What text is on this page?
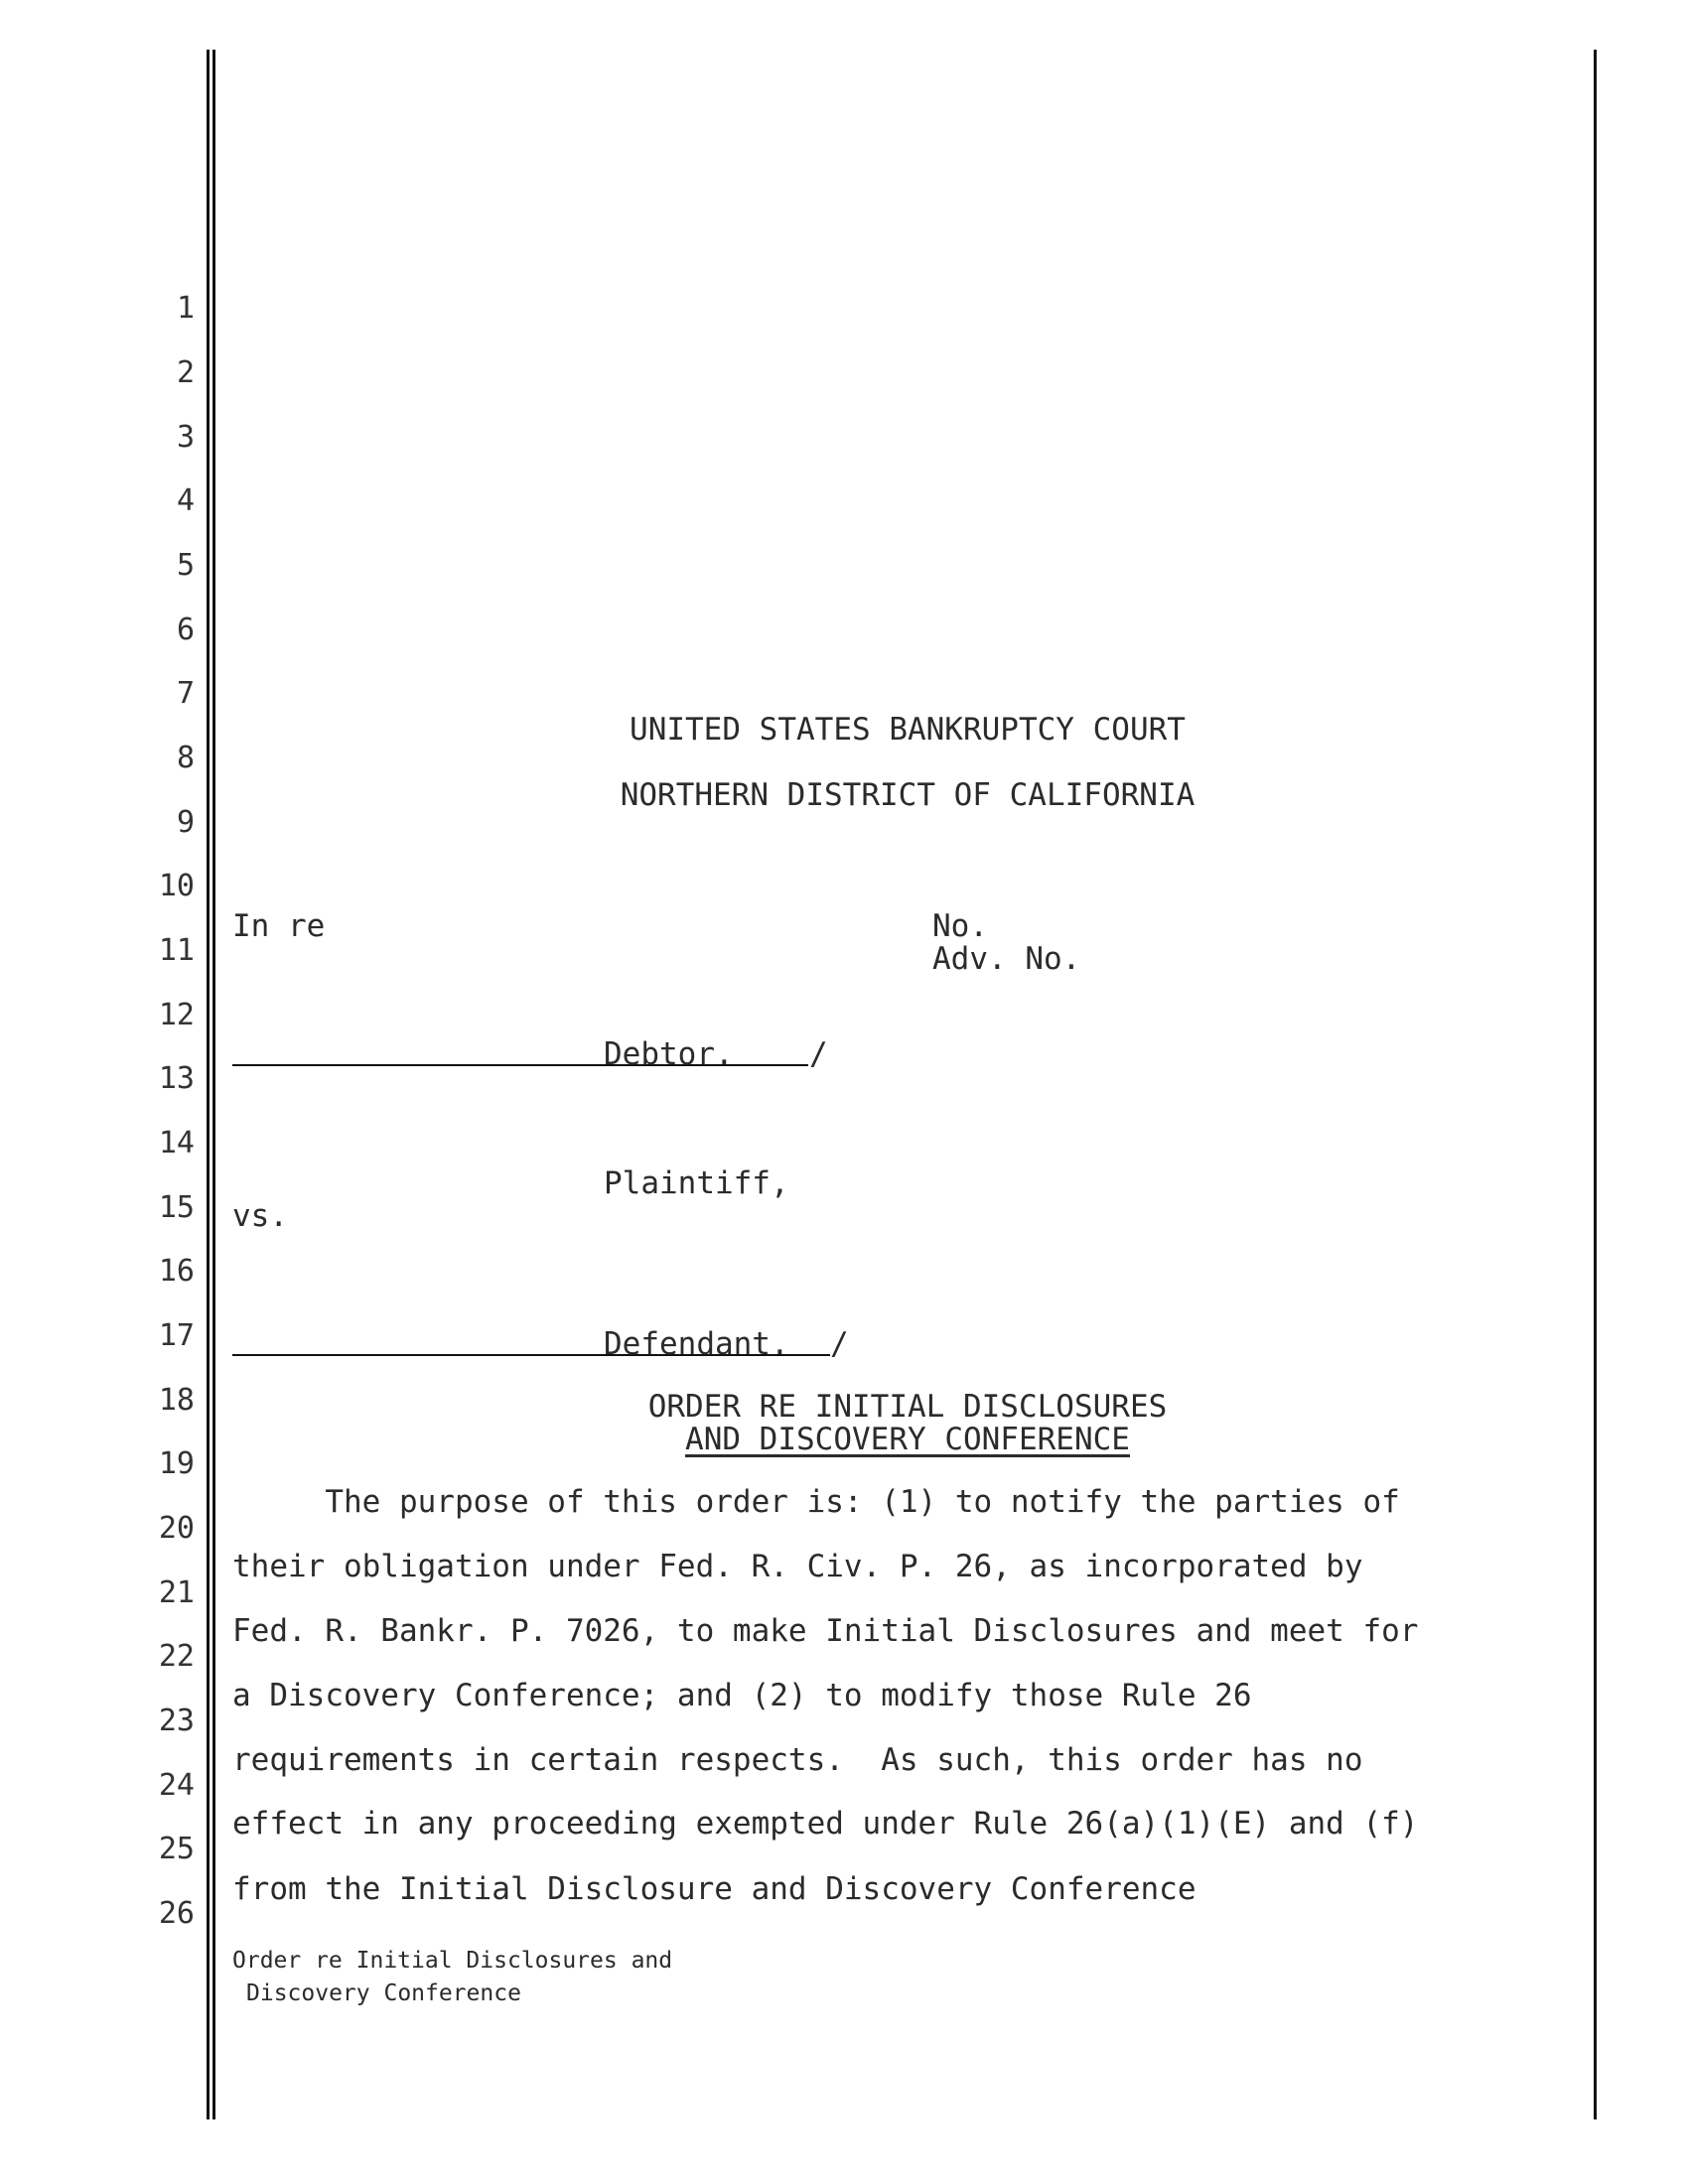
1
2
3
4
5
6
7
8
9
10
11
12
13
14
15
16
17
18
19
20
21
22
23
24
25
26
UNITED STATES BANKRUPTCY COURT
NORTHERN DISTRICT OF CALIFORNIA
In re	No.
Adv. No.
Debtor. /
Plaintiff,
vs.
Defendant. /
ORDER RE INITIAL DISCLOSURES
AND DISCOVERY CONFERENCE
The purpose of this order is: (1) to notify the parties of
their obligation under Fed. R. Civ. P. 26, as incorporated by
Fed. R. Bankr. P. 7026, to make Initial Disclosures and meet for
a Discovery Conference; and (2) to modify those Rule 26
requirements in certain respects.  As such, this order has no
effect in any proceeding exempted under Rule 26(a)(1)(E) and (f)
from the Initial Disclosure and Discovery Conference
Order re Initial Disclosures and
Discovery Conference
